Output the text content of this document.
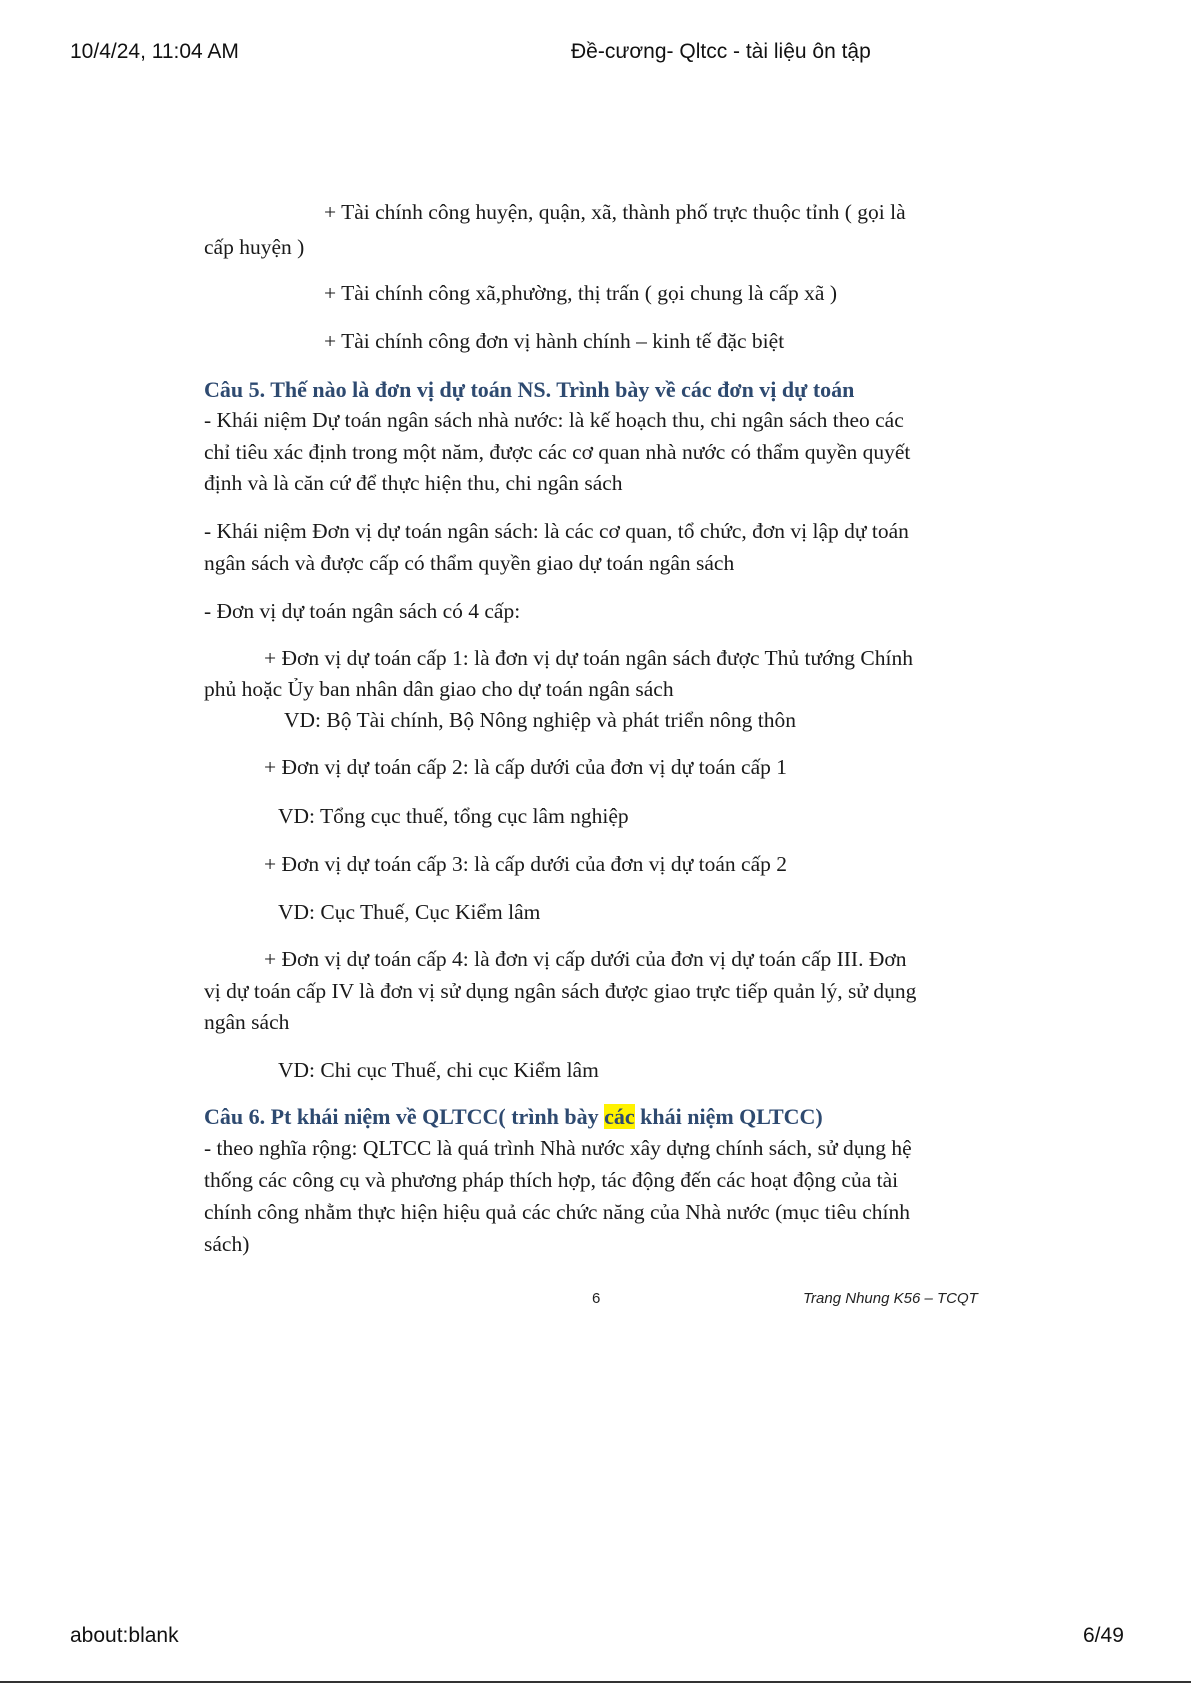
10/4/24, 11:04 AM	Đề-cương- Qltcc - tài liệu ôn tập
+ Tài chính công huyện, quận, xã, thành phố trực thuộc tỉnh ( gọi là
cấp huyện )
+ Tài chính công xã,phường, thị trấn ( gọi chung là cấp xã )
+ Tài chính công đơn vị hành chính – kinh tế đặc biệt
Câu 5. Thế nào là đơn vị dự toán NS. Trình bày về các đơn vị dự toán
- Khái niệm Dự toán ngân sách nhà nước: là kế hoạch thu, chi ngân sách theo các
chỉ tiêu xác định trong một năm, được các cơ quan nhà nước có thẩm quyền quyết
định và là căn cứ để thực hiện thu, chi ngân sách
- Khái niệm Đơn vị dự toán ngân sách: là các cơ quan, tổ chức, đơn vị lập dự toán
ngân sách và được cấp có thẩm quyền giao dự toán ngân sách
- Đơn vị dự toán ngân sách có 4 cấp:
+ Đơn vị dự toán cấp 1: là đơn vị dự toán ngân sách được Thủ tướng Chính
phủ hoặc Ủy ban nhân dân giao cho dự toán ngân sách
VD: Bộ Tài chính, Bộ Nông nghiệp và phát triển nông thôn
+ Đơn vị dự toán cấp 2: là cấp dưới của đơn vị dự toán cấp 1
VD: Tổng cục thuế, tổng cục lâm nghiệp
+ Đơn vị dự toán cấp 3: là cấp dưới của đơn vị dự toán cấp 2
VD: Cục Thuế, Cục Kiểm lâm
+ Đơn vị dự toán cấp 4: là đơn vị cấp dưới của đơn vị dự toán cấp III. Đơn
vị dự toán cấp IV là đơn vị sử dụng ngân sách được giao trực tiếp quản lý, sử dụng
ngân sách
VD: Chi cục Thuế, chi cục Kiểm lâm
Câu 6. Pt khái niệm về QLTCC( trình bày các khái niệm QLTCC)
- theo nghĩa rộng: QLTCC là quá trình Nhà nước xây dựng chính sách, sử dụng hệ
thống các công cụ và phương pháp thích hợp, tác động đến các hoạt động của tài
chính công nhằm thực hiện hiệu quả các chức năng của Nhà nước (mục tiêu chính
sách)
6	Trang Nhung K56 – TCQT
about:blank	6/49
